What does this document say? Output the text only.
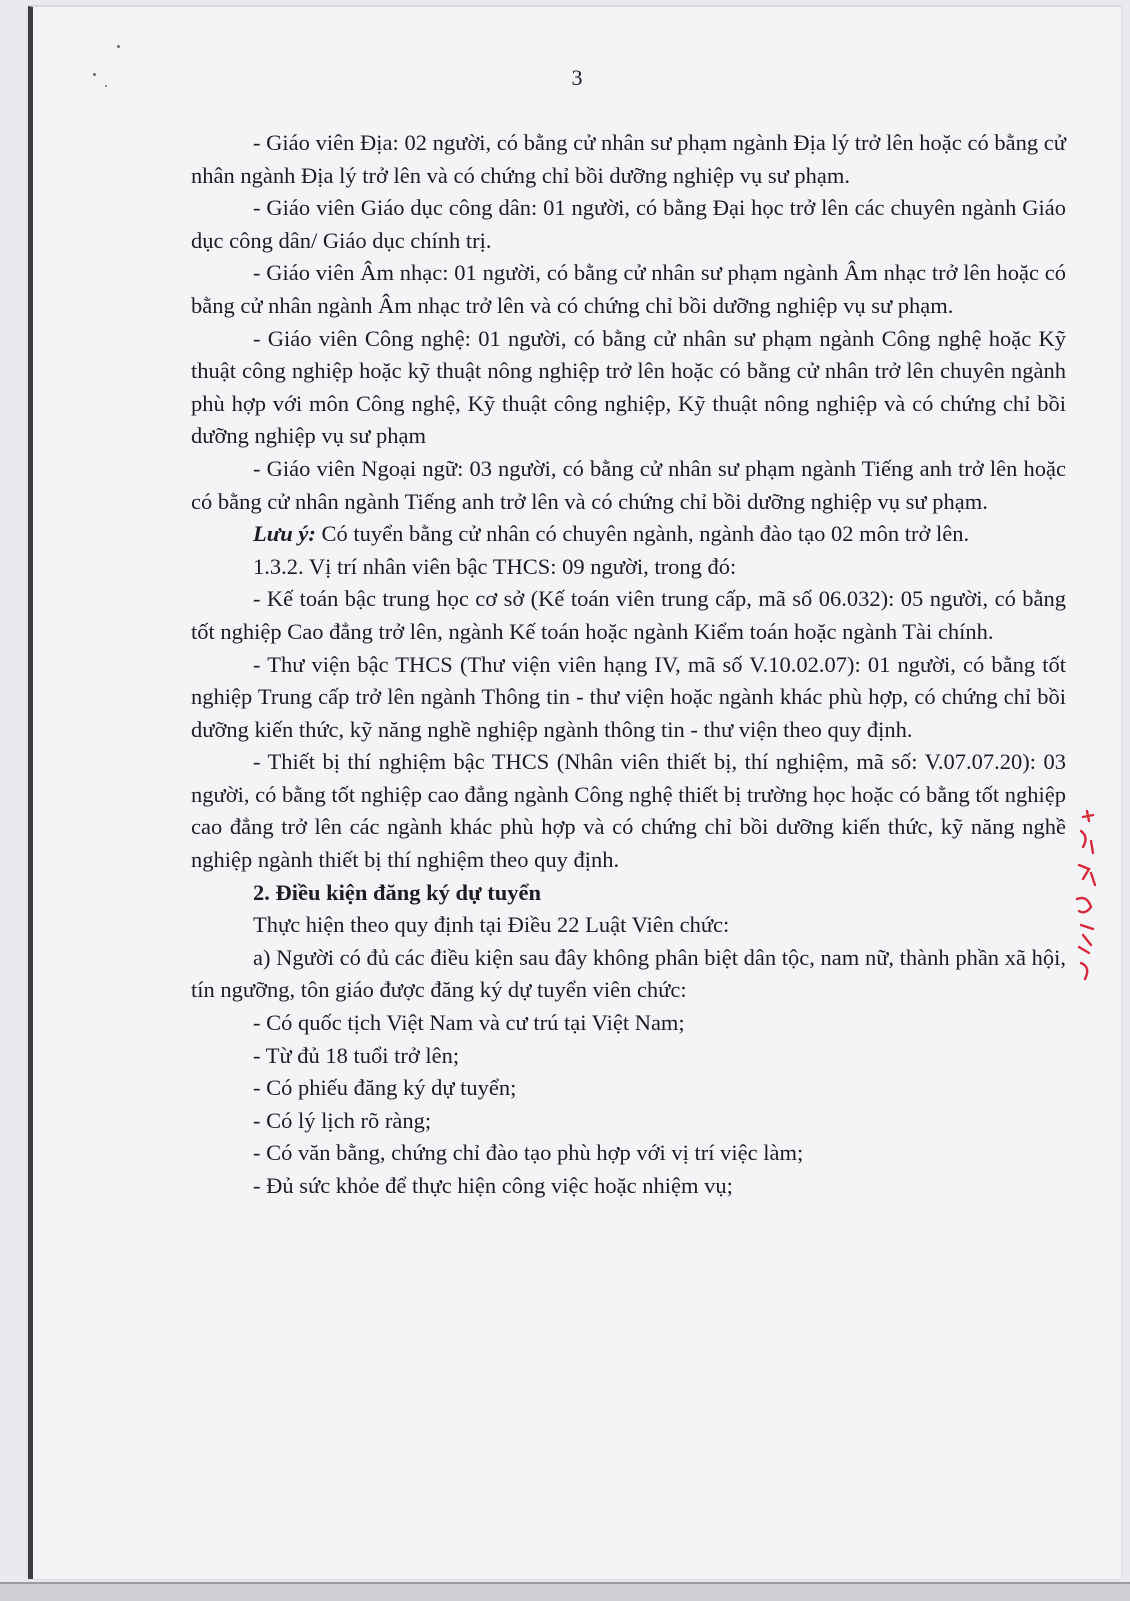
3

- Giáo viên Địa: 02 người, có bằng cử nhân sư phạm ngành Địa lý trở lên hoặc có bằng cử nhân ngành Địa lý trở lên và có chứng chỉ bồi dưỡng nghiệp vụ sư phạm.

- Giáo viên Giáo dục công dân: 01 người, có bằng Đại học trở lên các chuyên ngành Giáo dục công dân/ Giáo dục chính trị.

- Giáo viên Âm nhạc: 01 người, có bằng cử nhân sư phạm ngành Âm nhạc trở lên hoặc có bằng cử nhân ngành Âm nhạc trở lên và có chứng chỉ bồi dưỡng nghiệp vụ sư phạm.

- Giáo viên Công nghệ: 01 người, có bằng cử nhân sư phạm ngành Công nghệ hoặc Kỹ thuật công nghiệp hoặc kỹ thuật nông nghiệp trở lên hoặc có bằng cử nhân trở lên chuyên ngành phù hợp với môn Công nghệ, Kỹ thuật công nghiệp, Kỹ thuật nông nghiệp và có chứng chỉ bồi dưỡng nghiệp vụ sư phạm

- Giáo viên Ngoại ngữ: 03 người, có bằng cử nhân sư phạm ngành Tiếng anh trở lên hoặc có bằng cử nhân ngành Tiếng anh trở lên và có chứng chỉ bồi dưỡng nghiệp vụ sư phạm.

Lưu ý: Có tuyển bằng cử nhân có chuyên ngành, ngành đào tạo 02 môn trở lên.

1.3.2. Vị trí nhân viên bậc THCS: 09 người, trong đó:

- Kế toán bậc trung học cơ sở (Kế toán viên trung cấp, mã số 06.032): 05 người, có bằng tốt nghiệp Cao đẳng trở lên, ngành Kế toán hoặc ngành Kiểm toán hoặc ngành Tài chính.

- Thư viện bậc THCS (Thư viện viên hạng IV, mã số V.10.02.07): 01 người, có bằng tốt nghiệp Trung cấp trở lên ngành Thông tin - thư viện hoặc ngành khác phù hợp, có chứng chỉ bồi dưỡng kiến thức, kỹ năng nghề nghiệp ngành thông tin - thư viện theo quy định.

- Thiết bị thí nghiệm bậc THCS (Nhân viên thiết bị, thí nghiệm, mã số: V.07.07.20): 03 người, có bằng tốt nghiệp cao đẳng ngành Công nghệ thiết bị trường học hoặc có bằng tốt nghiệp cao đẳng trở lên các ngành khác phù hợp và có chứng chỉ bồi dưỡng kiến thức, kỹ năng nghề nghiệp ngành thiết bị thí nghiệm theo quy định.

2. Điều kiện đăng ký dự tuyển

Thực hiện theo quy định tại Điều 22 Luật Viên chức:

a) Người có đủ các điều kiện sau đây không phân biệt dân tộc, nam nữ, thành phần xã hội, tín ngưỡng, tôn giáo được đăng ký dự tuyển viên chức:

- Có quốc tịch Việt Nam và cư trú tại Việt Nam;

- Từ đủ 18 tuổi trở lên;

- Có phiếu đăng ký dự tuyển;

- Có lý lịch rõ ràng;

- Có văn bằng, chứng chỉ đào tạo phù hợp với vị trí việc làm;

- Đủ sức khỏe để thực hiện công việc hoặc nhiệm vụ;
